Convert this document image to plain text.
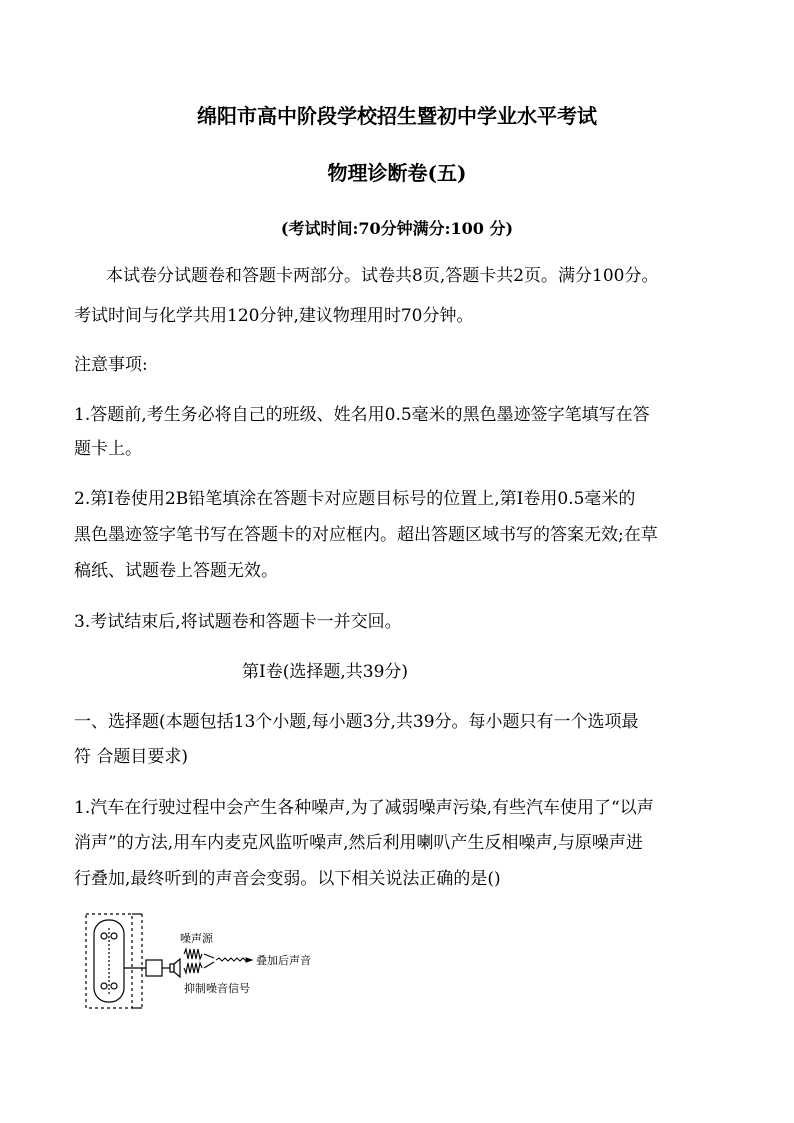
绵阳市高中阶段学校招生暨初中学业水平考试
物理诊断卷(五)
(考试时间:70分钟满分:100 分)
本试卷分试题卷和答题卡两部分。试卷共8页,答题卡共2页。满分100分。
考试时间与化学共用120分钟,建议物理用时70分钟。
注意事项:
1.答题前,考生务必将自己的班级、姓名用0.5毫米的黑色墨迹签字笔填写在答
题卡上。
2.第Ⅰ卷使用2B铅笔填涂在答题卡对应题目标号的位置上,第Ⅰ卷用0.5毫米的
黑色墨迹签字笔书写在答题卡的对应框内。超出答题区域书写的答案无效;在草
稿纸、试题卷上答题无效。
3.考试结束后,将试题卷和答题卡一并交回。
第Ⅰ卷(选择题,共39分)
一、选择题(本题包括13个小题,每小题3分,共39分。每小题只有一个选项最
符 合题目要求)
1.汽车在行驶过程中会产生各种噪声,为了减弱噪声污染,有些汽车使用了“以声
消声”的方法,用车内麦克风监听噪声,然后利用喇叭产生反相噪声,与原噪声进
行叠加,最终听到的声音会变弱。以下相关说法正确的是()
噪声源
叠加后声音
抑制噪音信号
